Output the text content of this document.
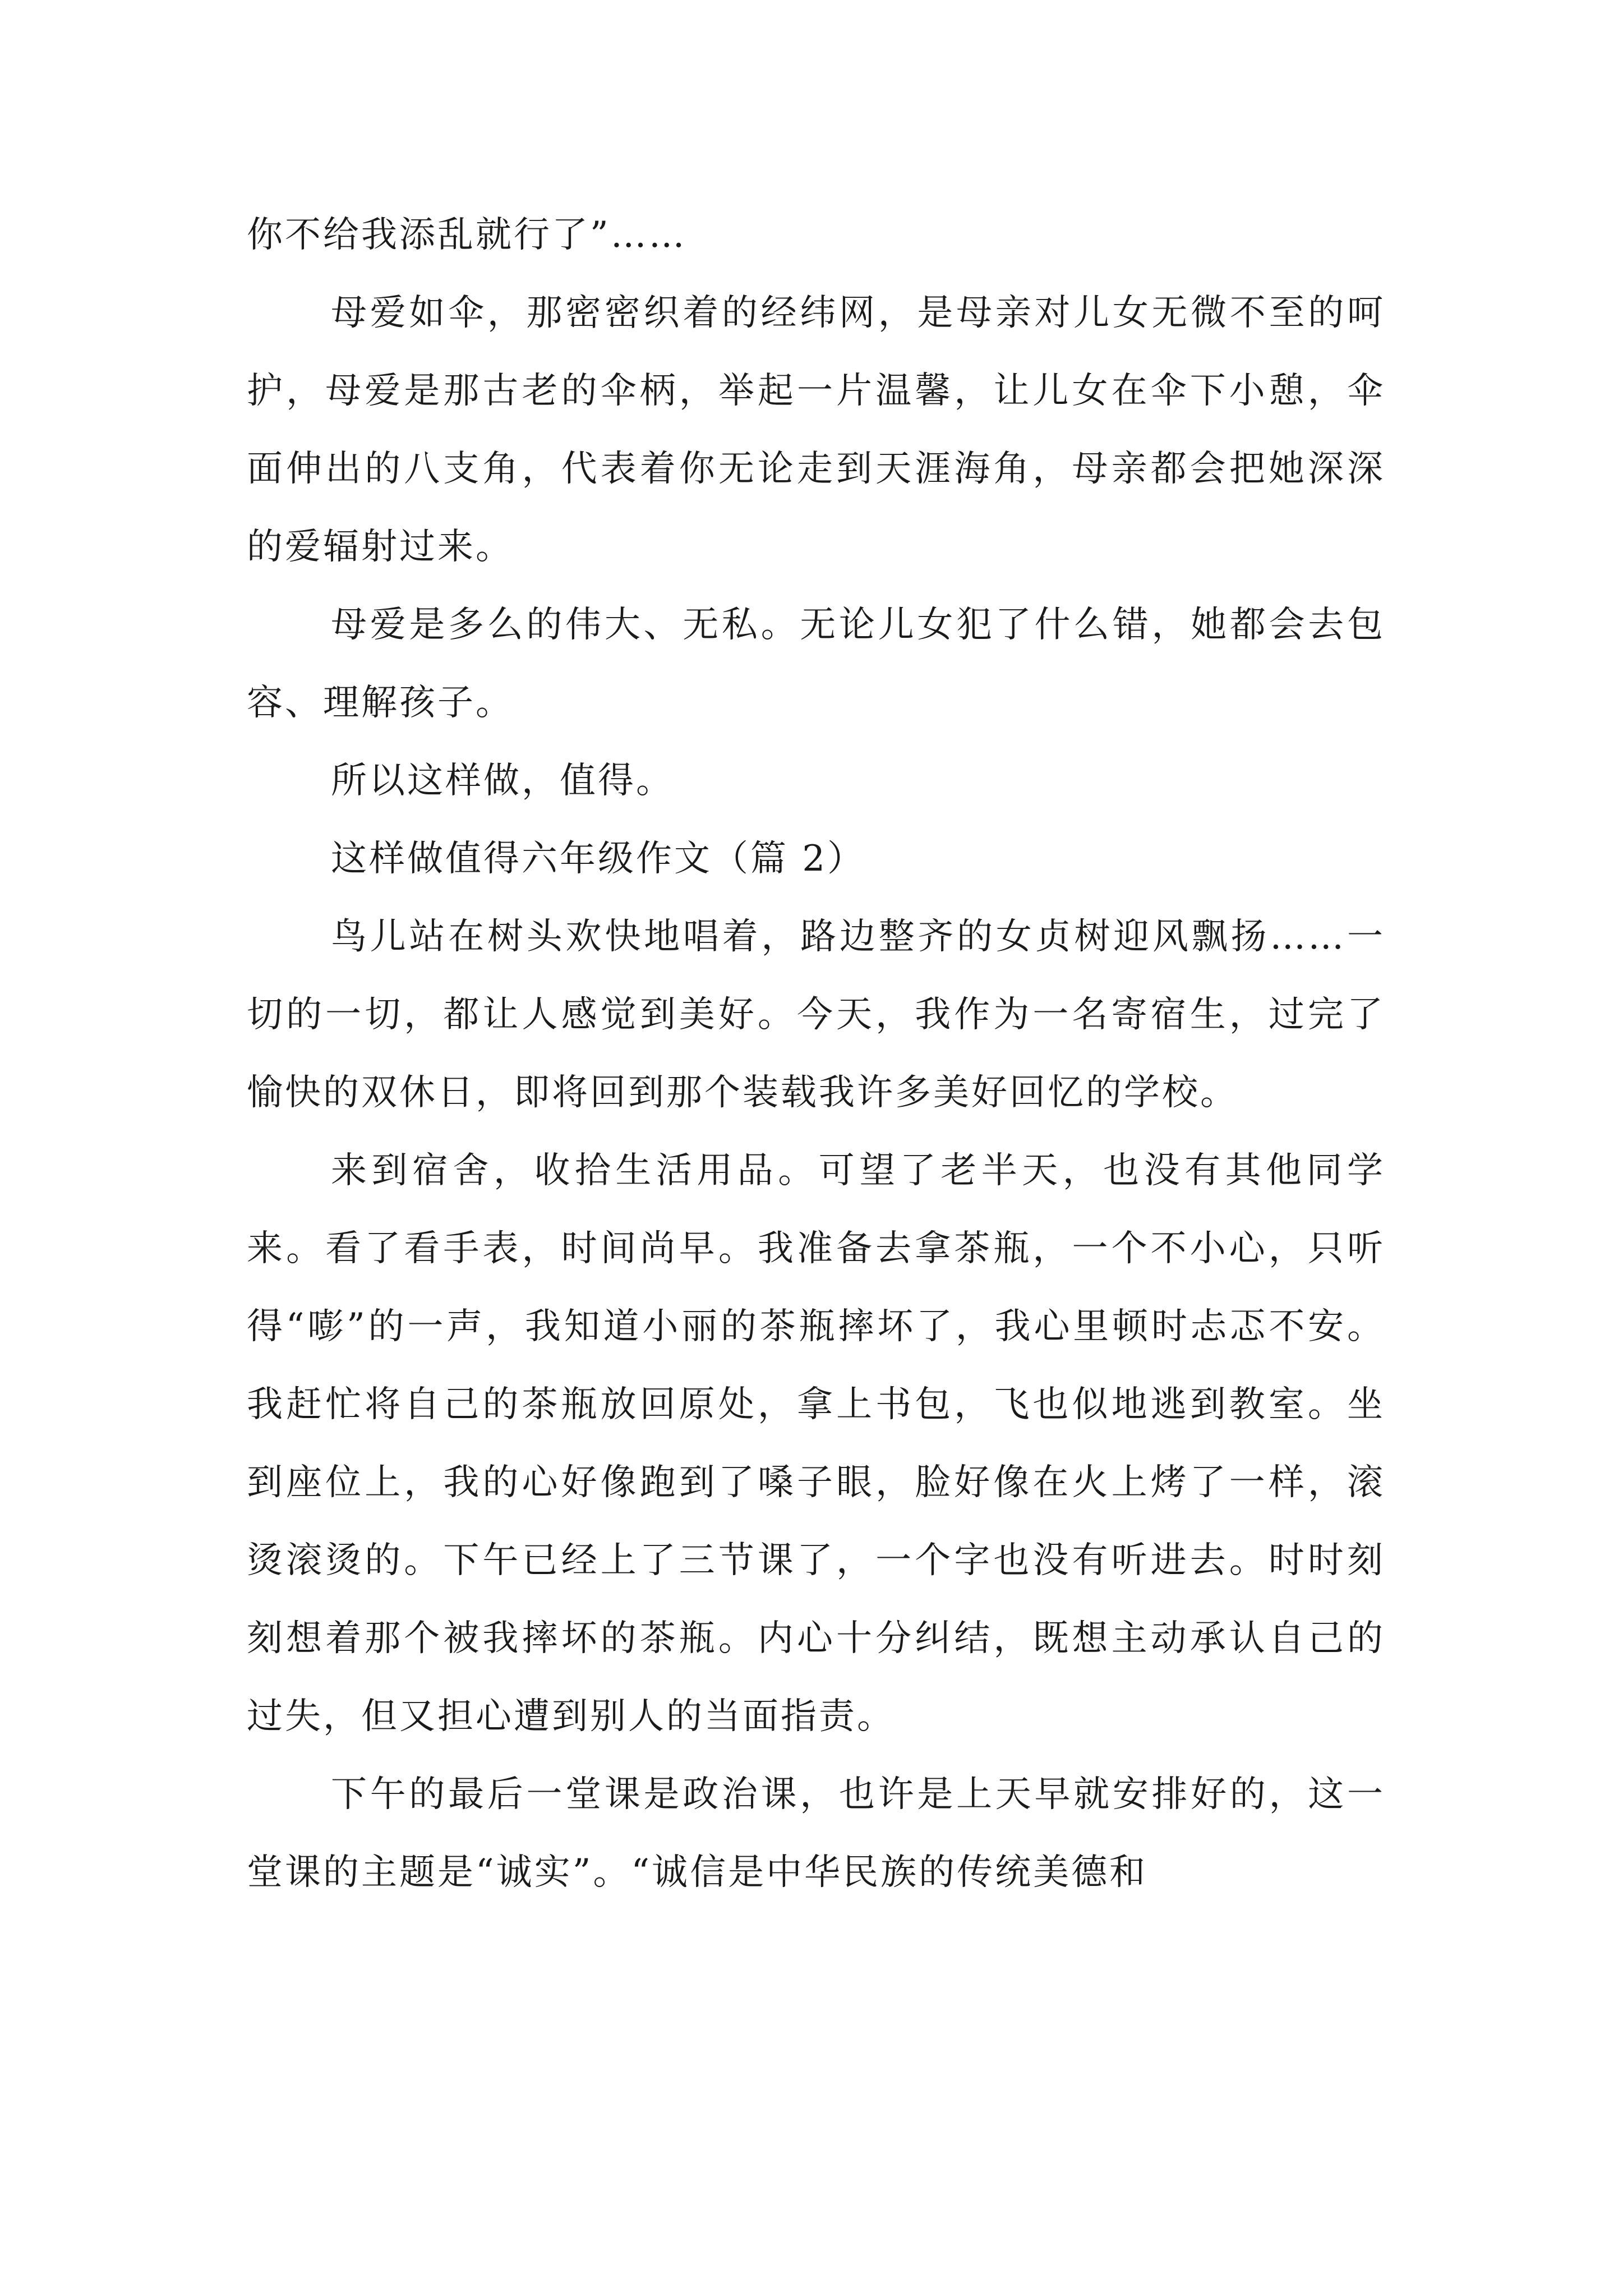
你不给我添乱就行了”……

母爱如伞，那密密织着的经纬网，是母亲对儿女无微不至的呵护，母爱是那古老的伞柄，举起一片温馨，让儿女在伞下小憩，伞面伸出的八支角，代表着你无论走到天涯海角，母亲都会把她深深的爱辐射过来。

母爱是多么的伟大、无私。无论儿女犯了什么错，她都会去包容、理解孩子。

所以这样做，值得。

这样做值得六年级作文（篇 2）

鸟儿站在树头欢快地唱着，路边整齐的女贞树迎风飘扬……一切的一切，都让人感觉到美好。今天，我作为一名寄宿生，过完了愉快的双休日，即将回到那个装载我许多美好回忆的学校。

来到宿舍，收拾生活用品。可望了老半天，也没有其他同学来。看了看手表，时间尚早。我准备去拿茶瓶，一个不小心，只听得“嘭”的一声，我知道小丽的茶瓶摔坏了，我心里顿时忐忑不安。我赶忙将自己的茶瓶放回原处，拿上书包，飞也似地逃到教室。坐到座位上，我的心好像跑到了嗓子眼，脸好像在火上烤了一样，滚烫滚烫的。下午已经上了三节课了，一个字也没有听进去。时时刻刻想着那个被我摔坏的茶瓶。内心十分纠结，既想主动承认自己的过失，但又担心遭到别人的当面指责。

下午的最后一堂课是政治课，也许是上天早就安排好的，这一堂课的主题是“诚实”。“诚信是中华民族的传统美德和
